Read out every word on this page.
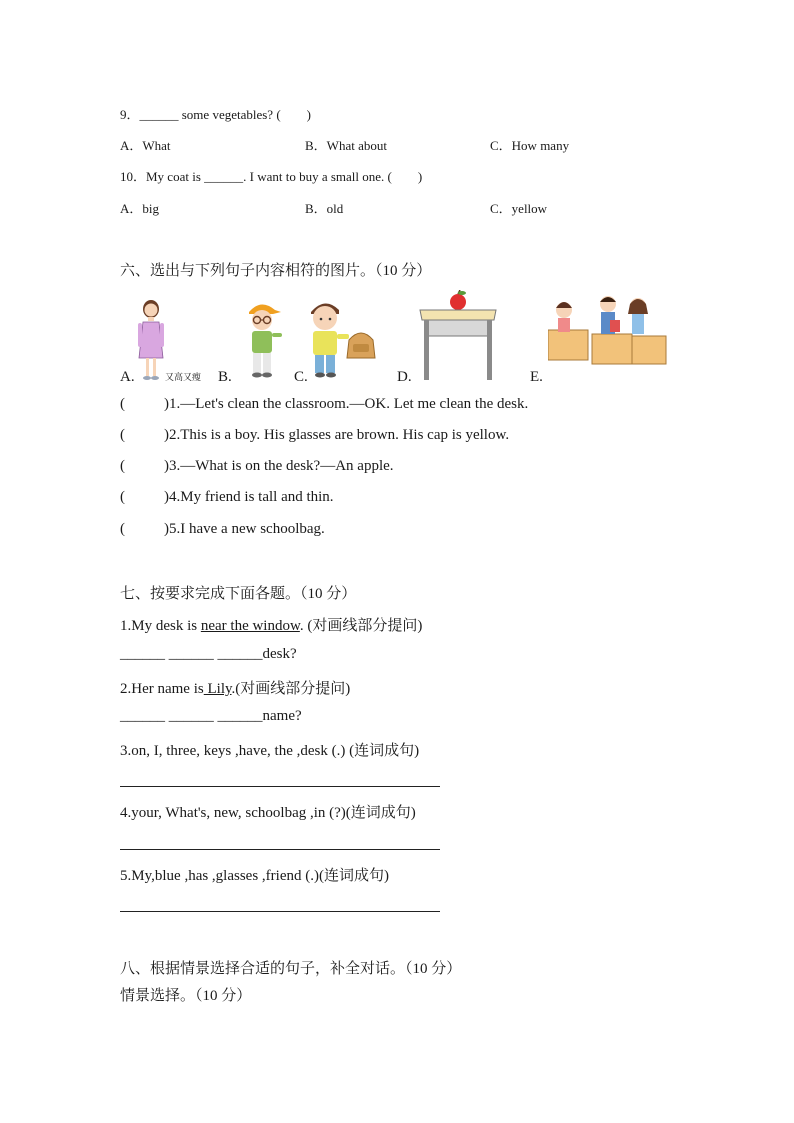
9．______ some vegetables? (　　)
A．What	B．What about	C．How many
10．My coat is ______. I want to buy a small one. (　　)
A．big	B．old	C．yellow
六、选出与下列句子内容相符的图片。（10 分）
又高又瘦
A.	B.	C.	D.	E.
(	)1.—Let's clean the classroom.—OK. Let me clean the desk.
(	)2.This is a boy. His glasses are brown. His cap is yellow.
(	)3.—What is on the desk?—An apple.
(	)4.My friend is tall and thin.
(	)5.I have a new schoolbag.
七、按要求完成下面各题。（10 分）
1.My desk is near the window. (对画线部分提问)
______ ______ ______desk?
2.Her name is Lily.(对画线部分提问)
______ ______ ______name?
3.on, I, three, keys ,have, the ,desk (.) (连词成句)
4.your, What's, new, schoolbag ,in (?)(连词成句)
5.My,blue ,has ,glasses ,friend (.)(连词成句)
八、根据情景选择合适的句子，补全对话。（10 分）
情景选择。（10 分）
